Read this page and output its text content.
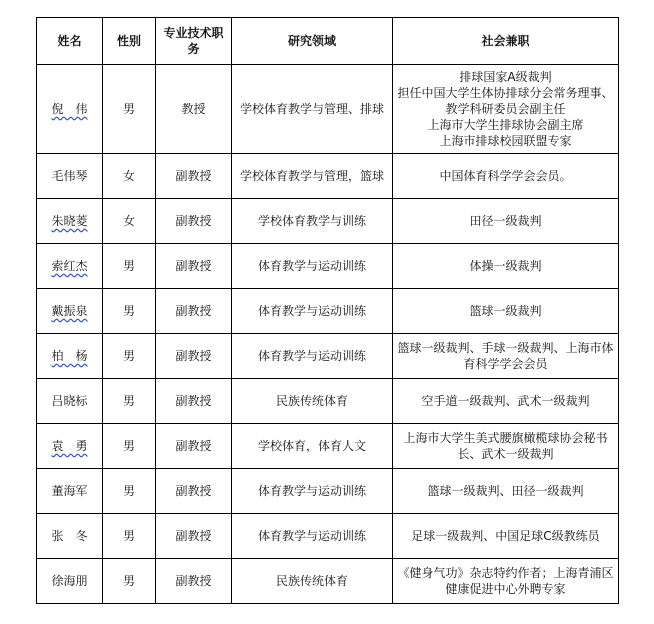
姓名	性别	专业技术职务	研究领域	社会兼职
倪　伟	男	教授	学校体育教学与管理、排球	排球国家A级裁判
担任中国大学生体协排球分会常务理事、教学科研委员会副主任
上海市大学生排球协会副主席
上海市排球校园联盟专家
毛伟琴	女	副教授	学校体育教学与管理，篮球	中国体育科学学会会员。
朱晓菱	女	副教授	学校体育教学与训练	田径一级裁判
索红杰	男	副教授	体育教学与运动训练	体操一级裁判
戴振泉	男	副教授	体育教学与运动训练	篮球一级裁判
柏　杨	男	副教授	体育教学与运动训练	篮球一级裁判、手球一级裁判、上海市体育科学学会会员
吕晓标	男	副教授	民族传统体育	空手道一级裁判、武术一级裁判
袁　勇	男	副教授	学校体育，体育人文	上海市大学生美式腰旗橄榄球协会秘书长、武术一级裁判
董海军	男	副教授	体育教学与运动训练	篮球一级裁判、田径一级裁判
张　冬	男	副教授	体育教学与运动训练	足球一级裁判、中国足球C级教练员
徐海朋	男	副教授	民族传统体育	《健身气功》杂志特约作者；上海青浦区健康促进中心外聘专家
